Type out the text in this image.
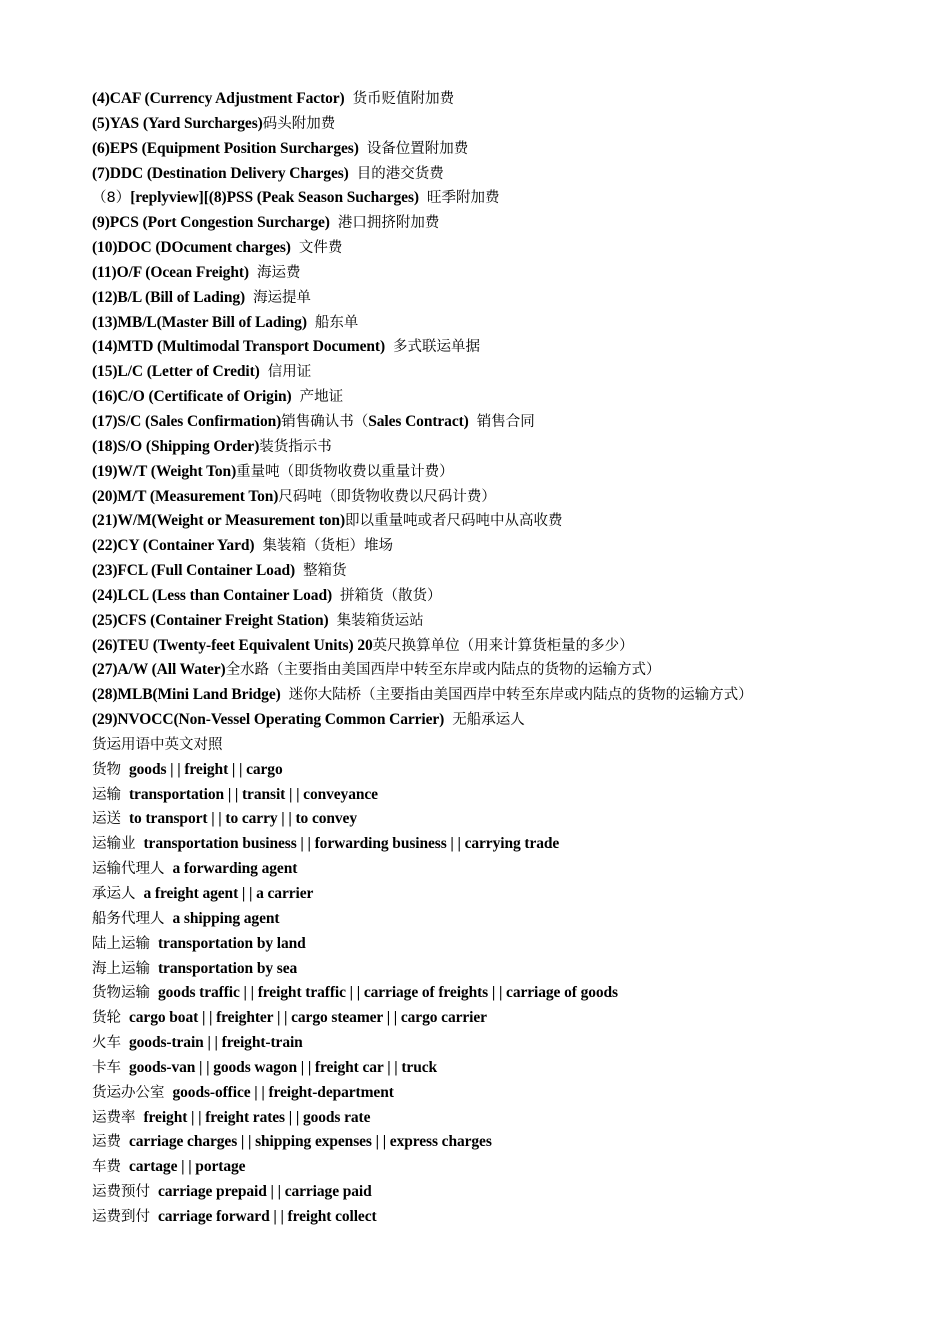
(4)CAF (Currency Adjustment Factor) 货币贬值附加费
(5)YAS (Yard Surcharges)码头附加费
(6)EPS (Equipment Position Surcharges) 设备位置附加费
(7)DDC (Destination Delivery Charges) 目的港交货费
（8）[replyview][(8)PSS (Peak Season Sucharges) 旺季附加费
(9)PCS (Port Congestion Surcharge) 港口拥挤附加费
(10)DOC (DOcument charges) 文件费
(11)O/F (Ocean Freight) 海运费
(12)B/L (Bill of Lading) 海运提单
(13)MB/L(Master Bill of Lading) 船东单
(14)MTD (Multimodal Transport Document) 多式联运单据
(15)L/C (Letter of Credit) 信用证
(16)C/O (Certificate of Origin) 产地证
(17)S/C (Sales Confirmation)销售确认书（Sales Contract) 销售合同
(18)S/O (Shipping Order)装货指示书
(19)W/T (Weight Ton)重量吨（即货物收费以重量计费）
(20)M/T (Measurement Ton)尺码吨（即货物收费以尺码计费）
(21)W/M(Weight or Measurement ton)即以重量吨或者尺码吨中从高收费
(22)CY (Container Yard) 集装箱（货柜）堆场
(23)FCL (Full Container Load) 整箱货
(24)LCL (Less than Container Load) 拼箱货（散货）
(25)CFS (Container Freight Station) 集装箱货运站
(26)TEU (Twenty-feet Equivalent Units) 20英尺换算单位（用来计算货柜量的多少）
(27)A/W (All Water)全水路（主要指由美国西岸中转至东岸或内陆点的货物的运输方式）
(28)MLB(Mini Land Bridge) 迷你大陆桥（主要指由美国西岸中转至东岸或内陆点的货物的运输方式）
(29)NVOCC(Non-Vessel Operating Common Carrier) 无船承运人
货运用语中英文对照
货物 goods | | freight | | cargo
运输 transportation | | transit | | conveyance
运送 to transport | | to carry | | to convey
运输业 transportation business | | forwarding business | | carrying trade
运输代理人 a forwarding agent
承运人 a freight agent | | a carrier
船务代理人 a shipping agent
陆上运输 transportation by land
海上运输 transportation by sea
货物运输 goods traffic | | freight traffic | | carriage of freights | | carriage of goods
货轮 cargo boat | | freighter | | cargo steamer | | cargo carrier
火车 goods-train | | freight-train
卡车 goods-van | | goods wagon | | freight car | | truck
货运办公室 goods-office | | freight-department
运费率 freight | | freight rates | | goods rate
运费 carriage charges | | shipping expenses | | express charges
车费 cartage | | portage
运费预付 carriage prepaid | | carriage paid
运费到付 carriage forward | | freight collect
